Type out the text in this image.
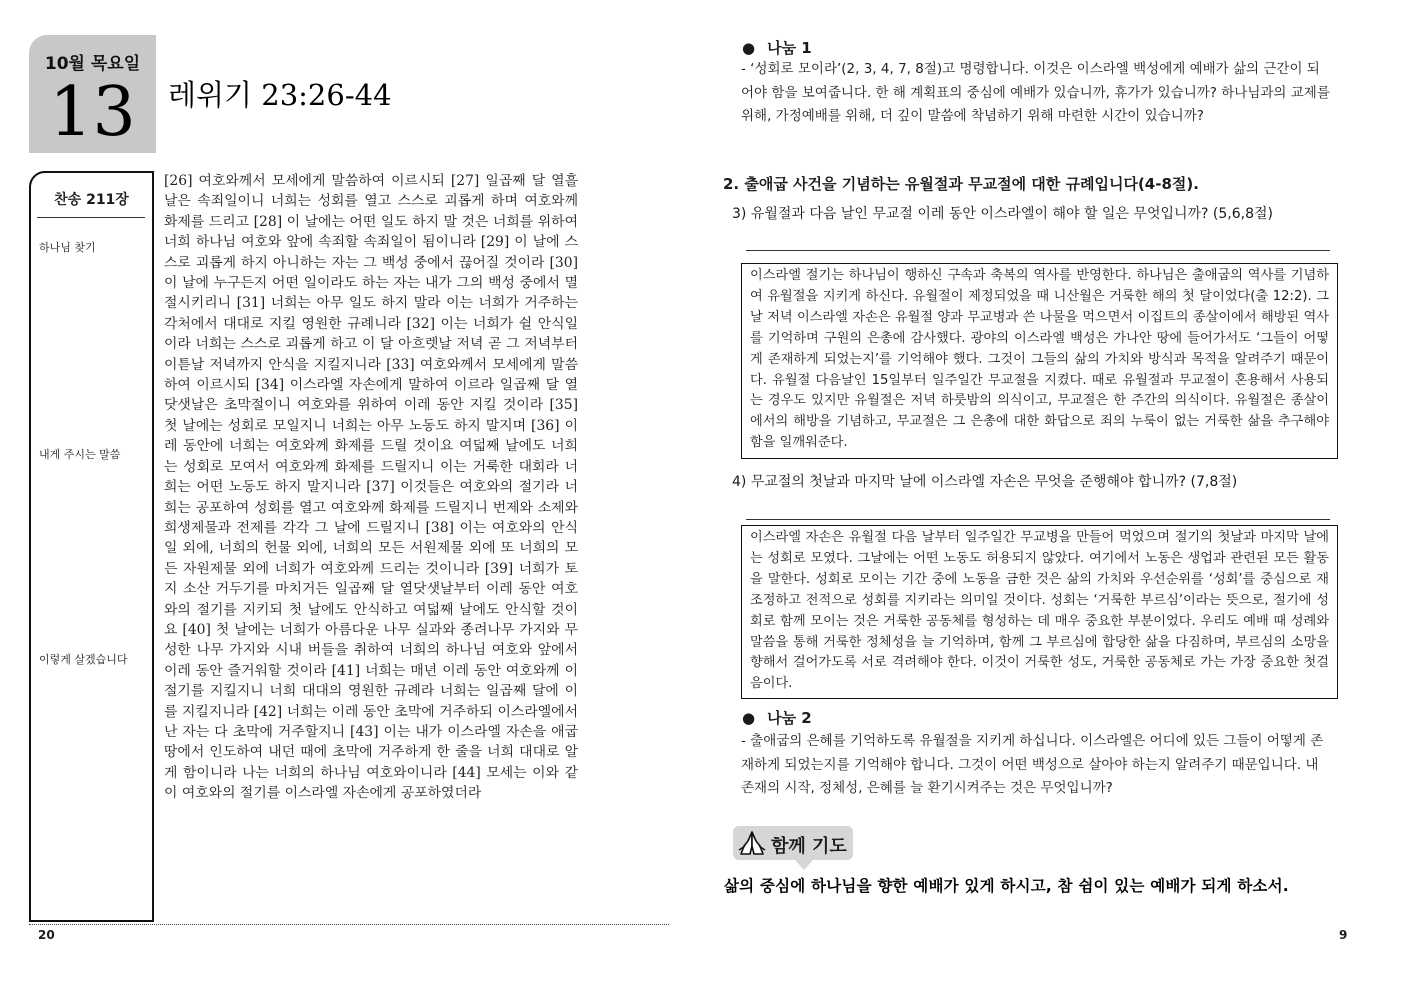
10월 목요일
13	레위기 23:26-44
찬송 211장
하나님 찾기
내게 주시는 말씀
이렇게 살겠습니다
[26] 여호와께서 모세에게 말씀하여 이르시되 [27] 일곱째 달 열흘날은 속죄일이니 너희는 성회를 열고 스스로 괴롭게 하며 여호와께 화제를 드리고 [28] 이 날에는 어떤 일도 하지 말 것은 너희를 위하여 너희 하나님 여호와 앞에 속죄할 속죄일이 됨이니라 [29] 이 날에 스스로 괴롭게 하지 아니하는 자는 그 백성 중에서 끊어질 것이라 [30] 이 날에 누구든지 어떤 일이라도 하는 자는 내가 그의 백성 중에서 멸절시키리니 [31] 너희는 아무 일도 하지 말라 이는 너희가 거주하는 각처에서 대대로 지킬 영원한 규례니라 [32] 이는 너희가 쉴 안식일이라 너희는 스스로 괴롭게 하고 이 달 아흐렛날 저녁 곧 그 저녁부터 이튿날 저녁까지 안식을 지킬지니라 [33] 여호와께서 모세에게 말씀하여 이르시되 [34] 이스라엘 자손에게 말하여 이르라 일곱째 달 열닷샛날은 초막절이니 여호와를 위하여 이레 동안 지킬 것이라 [35] 첫 날에는 성회로 모일지니 너희는 아무 노동도 하지 말지며 [36] 이레 동안에 너희는 여호와께 화제를 드릴 것이요 여덟째 날에도 너희는 성회로 모여서 여호와께 화제를 드릴지니 이는 거룩한 대회라 너희는 어떤 노동도 하지 말지니라 [37] 이것들은 여호와의 절기라 너희는 공포하여 성회를 열고 여호와께 화제를 드릴지니 번제와 소제와 희생제물과 전제를 각각 그 날에 드릴지니 [38] 이는 여호와의 안식일 외에, 너희의 헌물 외에, 너희의 모든 서원제물 외에 또 너희의 모든 자원제물 외에 너희가 여호와께 드리는 것이니라 [39] 너희가 토지 소산 거두기를 마치거든 일곱째 달 열닷샛날부터 이레 동안 여호와의 절기를 지키되 첫 날에도 안식하고 여덟째 날에도 안식할 것이요 [40] 첫 날에는 너희가 아름다운 나무 실과와 종려나무 가지와 무성한 나무 가지와 시내 버들을 취하여 너희의 하나님 여호와 앞에서 이레 동안 즐거워할 것이라 [41] 너희는 매년 이레 동안 여호와께 이 절기를 지킬지니 너희 대대의 영원한 규례라 너희는 일곱째 달에 이를 지킬지니라 [42] 너희는 이레 동안 초막에 거주하되 이스라엘에서 난 자는 다 초막에 거주할지니 [43] 이는 내가 이스라엘 자손을 애굽 땅에서 인도하여 내던 때에 초막에 거주하게 한 줄을 너희 대대로 알게 함이니라 나는 너희의 하나님 여호와이니라 [44] 모세는 이와 같이 여호와의 절기를 이스라엘 자손에게 공포하였더라
20
● 나눔 1
- ‘성회로 모이라’(2, 3, 4, 7, 8절)고 명령합니다. 이것은 이스라엘 백성에게 예배가 삶의 근간이 되어야 함을 보여줍니다. 한 해 계획표의 중심에 예배가 있습니까, 휴가가 있습니까? 하나님과의 교제를 위해, 가정예배를 위해, 더 깊이 말씀에 착념하기 위해 마련한 시간이 있습니까?
2. 출애굽 사건을 기념하는 유월절과 무교절에 대한 규례입니다(4-8절).
3) 유월절과 다음 날인 무교절 이레 동안 이스라엘이 해야 할 일은 무엇입니까? (5,6,8절)
이스라엘 절기는 하나님이 행하신 구속과 축복의 역사를 반영한다. 하나님은 출애굽의 역사를 기념하여 유월절을 지키게 하신다. 유월절이 제정되었을 때 니산월은 거룩한 해의 첫 달이었다(출 12:2). 그날 저녁 이스라엘 자손은 유월절 양과 무교병과 쓴 나물을 먹으면서 이집트의 종살이에서 해방된 역사를 기억하며 구원의 은총에 감사했다. 광야의 이스라엘 백성은 가나안 땅에 들어가서도 ‘그들이 어떻게 존재하게 되었는지’를 기억해야 했다. 그것이 그들의 삶의 가치와 방식과 목적을 알려주기 때문이다. 유월절 다음날인 15일부터 일주일간 무교절을 지켰다. 때로 유월절과 무교절이 혼용해서 사용되는 경우도 있지만 유월절은 저녁 하룻밤의 의식이고, 무교절은 한 주간의 의식이다. 유월절은 종살이에서의 해방을 기념하고, 무교절은 그 은총에 대한 화답으로 죄의 누룩이 없는 거룩한 삶을 추구해야 함을 일깨워준다.
4) 무교절의 첫날과 마지막 날에 이스라엘 자손은 무엇을 준행해야 합니까? (7,8절)
이스라엘 자손은 유월절 다음 날부터 일주일간 무교병을 만들어 먹었으며 절기의 첫날과 마지막 날에는 성회로 모였다. 그날에는 어떤 노동도 허용되지 않았다. 여기에서 노동은 생업과 관련된 모든 활동을 말한다. 성회로 모이는 기간 중에 노동을 금한 것은 삶의 가치와 우선순위를 ‘성회’를 중심으로 재조정하고 전적으로 성회를 지키라는 의미일 것이다. 성회는 ‘거룩한 부르심’이라는 뜻으로, 절기에 성회로 함께 모이는 것은 거룩한 공동체를 형성하는 데 매우 중요한 부분이었다. 우리도 예배 때 성례와 말씀을 통해 거룩한 정체성을 늘 기억하며, 함께 그 부르심에 합당한 삶을 다짐하며, 부르심의 소망을 향해서 걸어가도록 서로 격려해야 한다. 이것이 거룩한 성도, 거룩한 공동체로 가는 가장 중요한 첫걸음이다.
● 나눔 2
- 출애굽의 은혜를 기억하도록 유월절을 지키게 하십니다. 이스라엘은 어디에 있든 그들이 어떻게 존재하게 되었는지를 기억해야 합니다. 그것이 어떤 백성으로 살아야 하는지 알려주기 때문입니다. 내 존재의 시작, 정체성, 은혜를 늘 환기시켜주는 것은 무엇입니까?
함께 기도
삶의 중심에 하나님을 향한 예배가 있게 하시고, 참 쉼이 있는 예배가 되게 하소서.
9
